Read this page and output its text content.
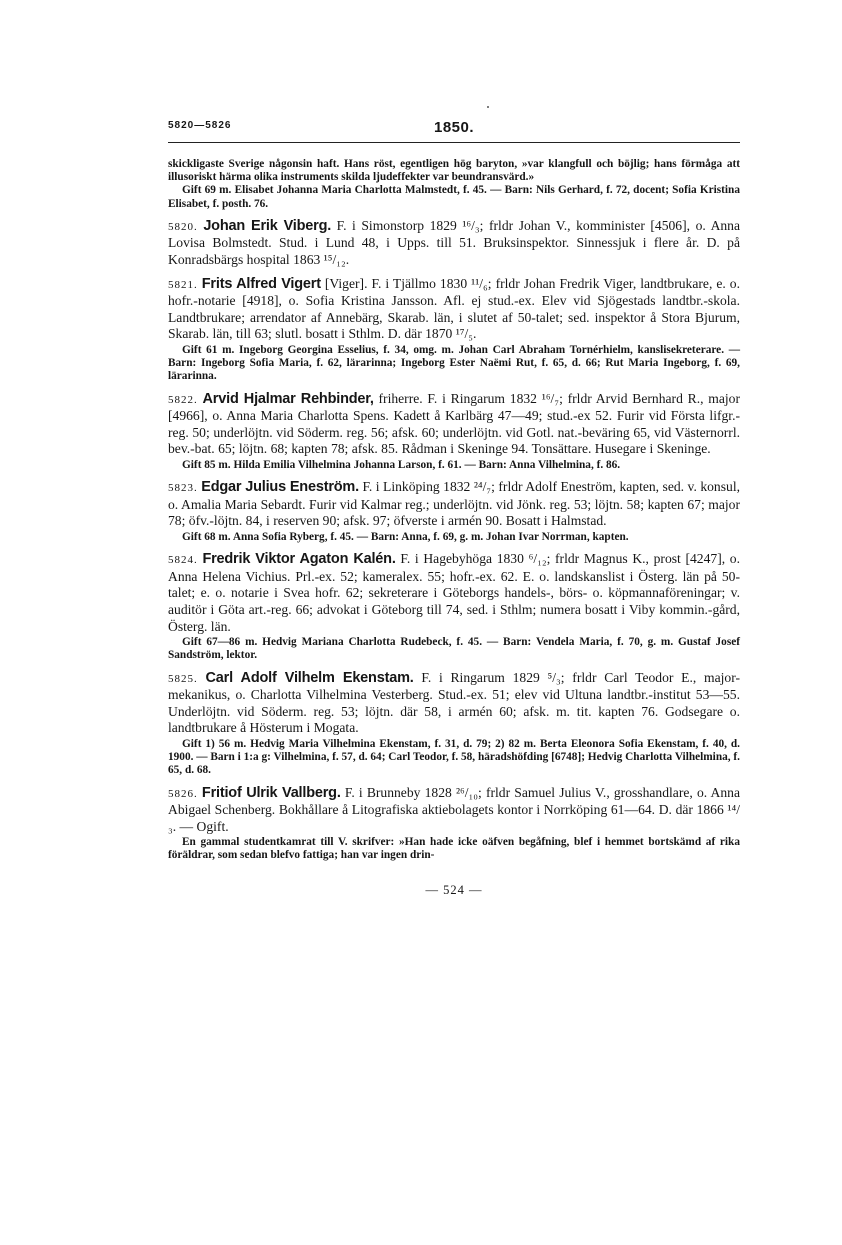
5820—5826	1850.
skickligaste Sverige någonsin haft. Hans röst, egentligen hög baryton, »var klangfull och böjlig; hans förmåga att illusoriskt härma olika instruments skilda ljudeffekter var beundransvärd.»
Gift 69 m. Elisabet Johanna Maria Charlotta Malmstedt, f. 45. — Barn: Nils Gerhard, f. 72, docent; Sofia Kristina Elisabet, f. posth. 76.
5820. Johan Erik Viberg. F. i Simonstorp 1829 ¹⁶/₃; frldr Johan V., komminister [4506], o. Anna Lovisa Bolmstedt. Stud. i Lund 48, i Upps. till 51. Bruksinspektor. Sinnessjuk i flere år. D. på Konradsbärgs hospital 1863 ¹⁵/₁₂.
5821. Frits Alfred Vigert [Viger]. F. i Tjällmo 1830 ¹¹/₆; frldr Johan Fredrik Viger, landtbrukare, e. o. hofr.-notarie [4918], o. Sofia Kristina Jansson. Afl. ej stud.-ex. Elev vid Sjögestads landtbr.-skola. Landtbrukare; arrendator af Annebärg, Skarab. län, i slutet af 50-talet; sed. inspektor å Stora Bjurum, Skarab. län, till 63; slutl. bosatt i Sthlm. D. där 1870 ¹⁷/₅.
Gift 61 m. Ingeborg Georgina Esselius, f. 34, omg. m. Johan Carl Abraham Tornérhielm, kanslisekreterare. — Barn: Ingeborg Sofia Maria, f. 62, lärarinna; Ingeborg Ester Naëmi Rut, f. 65, d. 66; Rut Maria Ingeborg, f. 69, lärarinna.
5822. Arvid Hjalmar Rehbinder, friherre. F. i Ringarum 1832 ¹⁶/₇; frldr Arvid Bernhard R., major [4966], o. Anna Maria Charlotta Spens. Kadett å Karlbärg 47—49; stud.-ex 52. Furir vid Första lifgr.-reg. 50; underlöjtn. vid Söderm. reg. 56; afsk. 60; underlöjtn. vid Gotl. nat.-beväring 65, vid Västernorrl. bev.-bat. 65; löjtn. 68; kapten 78; afsk. 85. Rådman i Skeninge 94. Tonsättare. Husegare i Skeninge.
Gift 85 m. Hilda Emilia Vilhelmina Johanna Larson, f. 61. — Barn: Anna Vilhelmina, f. 86.
5823. Edgar Julius Eneström. F. i Linköping 1832 ²⁴/₇; frldr Adolf Eneström, kapten, sed. v. konsul, o. Amalia Maria Sebardt. Furir vid Kalmar reg.; underlöjtn. vid Jönk. reg. 53; löjtn. 58; kapten 67; major 78; öfv.-löjtn. 84, i reserven 90; afsk. 97; öfverste i armén 90. Bosatt i Halmstad.
Gift 68 m. Anna Sofia Ryberg, f. 45. — Barn: Anna, f. 69, g. m. Johan Ivar Norrman, kapten.
5824. Fredrik Viktor Agaton Kalén. F. i Hagebyhöga 1830 ⁶/₁₂; frldr Magnus K., prost [4247], o. Anna Helena Vichius. Prl.-ex. 52; kameralex. 55; hofr.-ex. 62. E. o. landskanslist i Österg. län på 50-talet; e. o. notarie i Svea hofr. 62; sekreterare i Göteborgs handels-, börs- o. köpmannaföreningar; v. auditör i Göta art.-reg. 66; advokat i Göteborg till 74, sed. i Sthlm; numera bosatt i Viby kommin.-gård, Österg. län.
Gift 67—86 m. Hedvig Mariana Charlotta Rudebeck, f. 45. — Barn: Vendela Maria, f. 70, g. m. Gustaf Josef Sandström, lektor.
5825. Carl Adolf Vilhelm Ekenstam. F. i Ringarum 1829 ⁵/₃; frldr Carl Teodor E., major-mekanikus, o. Charlotta Vilhelmina Vesterberg. Stud.-ex. 51; elev vid Ultuna landtbr.-institut 53—55. Underlöjtn. vid Söderm. reg. 53; löjtn. där 58, i armén 60; afsk. m. tit. kapten 76. Godsegare o. landtbrukare å Hösterum i Mogata.
Gift 1) 56 m. Hedvig Maria Vilhelmina Ekenstam, f. 31, d. 79; 2) 82 m. Berta Eleonora Sofia Ekenstam, f. 40, d. 1900. — Barn i 1:a g: Vilhelmina, f. 57, d. 64; Carl Teodor, f. 58, häradshöfding [6748]; Hedvig Charlotta Vilhelmina, f. 65, d. 68.
5826. Fritiof Ulrik Vallberg. F. i Brunneby 1828 ²⁶/₁₀; frldr Samuel Julius V., grosshandlare, o. Anna Abigael Schenberg. Bokhållare å Litografiska aktiebolagets kontor i Norrköping 61—64. D. där 1866 ¹⁴/₃. — Ogift.
En gammal studentkamrat till V. skrifver: »Han hade icke oäfven begåfning, blef i hemmet bortskämd af rika föräldrar, som sedan blefvo fattiga; han var ingen drin-
— 524 —
